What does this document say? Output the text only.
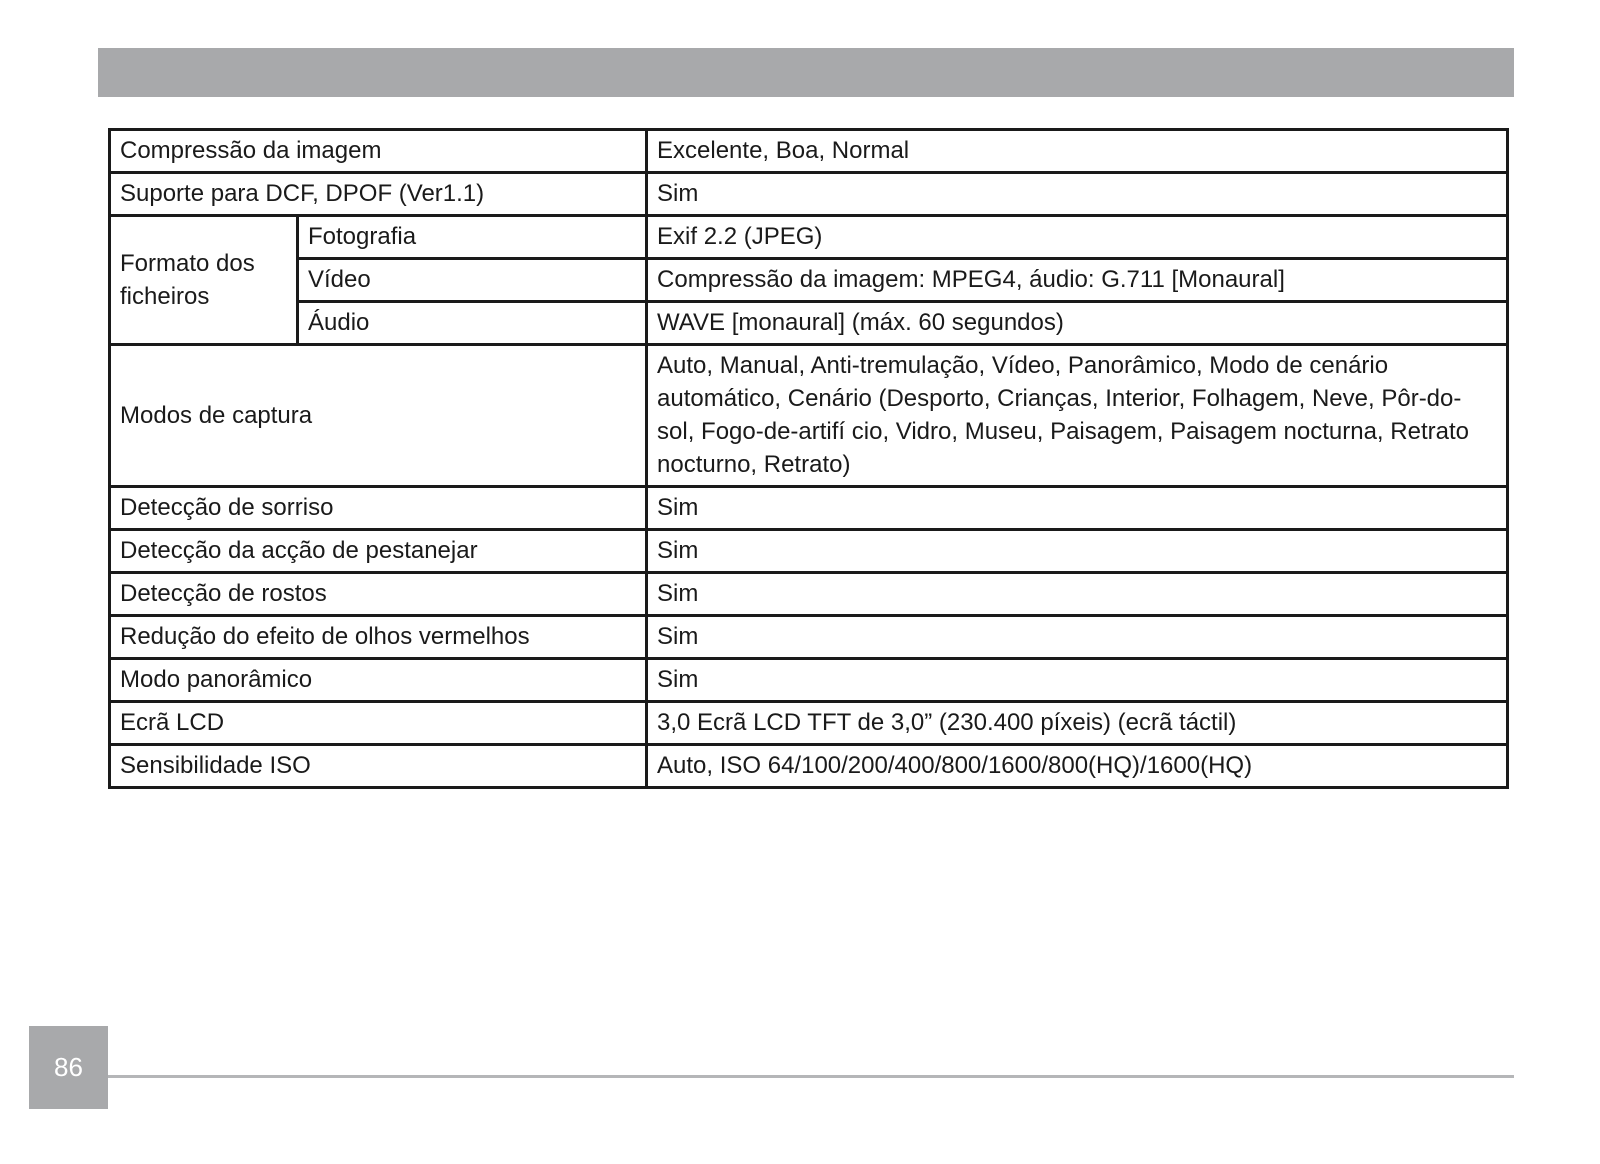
Compressão da imagem		Excelente, Boa, Normal
Suporte para DCF, DPOF (Ver1.1)		Sim
Formato dos ficheiros	Fotografia	Exif 2.2 (JPEG)
	Vídeo	Compressão da imagem: MPEG4, áudio: G.711 [Monaural]
	Áudio	WAVE [monaural] (máx. 60 segundos)
Modos de captura		Auto, Manual, Anti-tremulação, Vídeo, Panorâmico, Modo de cenário automático, Cenário (Desporto, Crianças, Interior, Folhagem, Neve, Pôr-do-sol, Fogo-de-artifí cio, Vidro, Museu, Paisagem, Paisagem nocturna, Retrato nocturno, Retrato)
Detecção de sorriso		Sim
Detecção da acção de pestanejar		Sim
Detecção de rostos		Sim
Redução do efeito de olhos vermelhos		Sim
Modo panorâmico		Sim
Ecrã LCD		3,0 Ecrã LCD TFT de 3,0” (230.400 píxeis) (ecrã táctil)
Sensibilidade ISO		Auto, ISO 64/100/200/400/800/1600/800(HQ)/1600(HQ)
86
